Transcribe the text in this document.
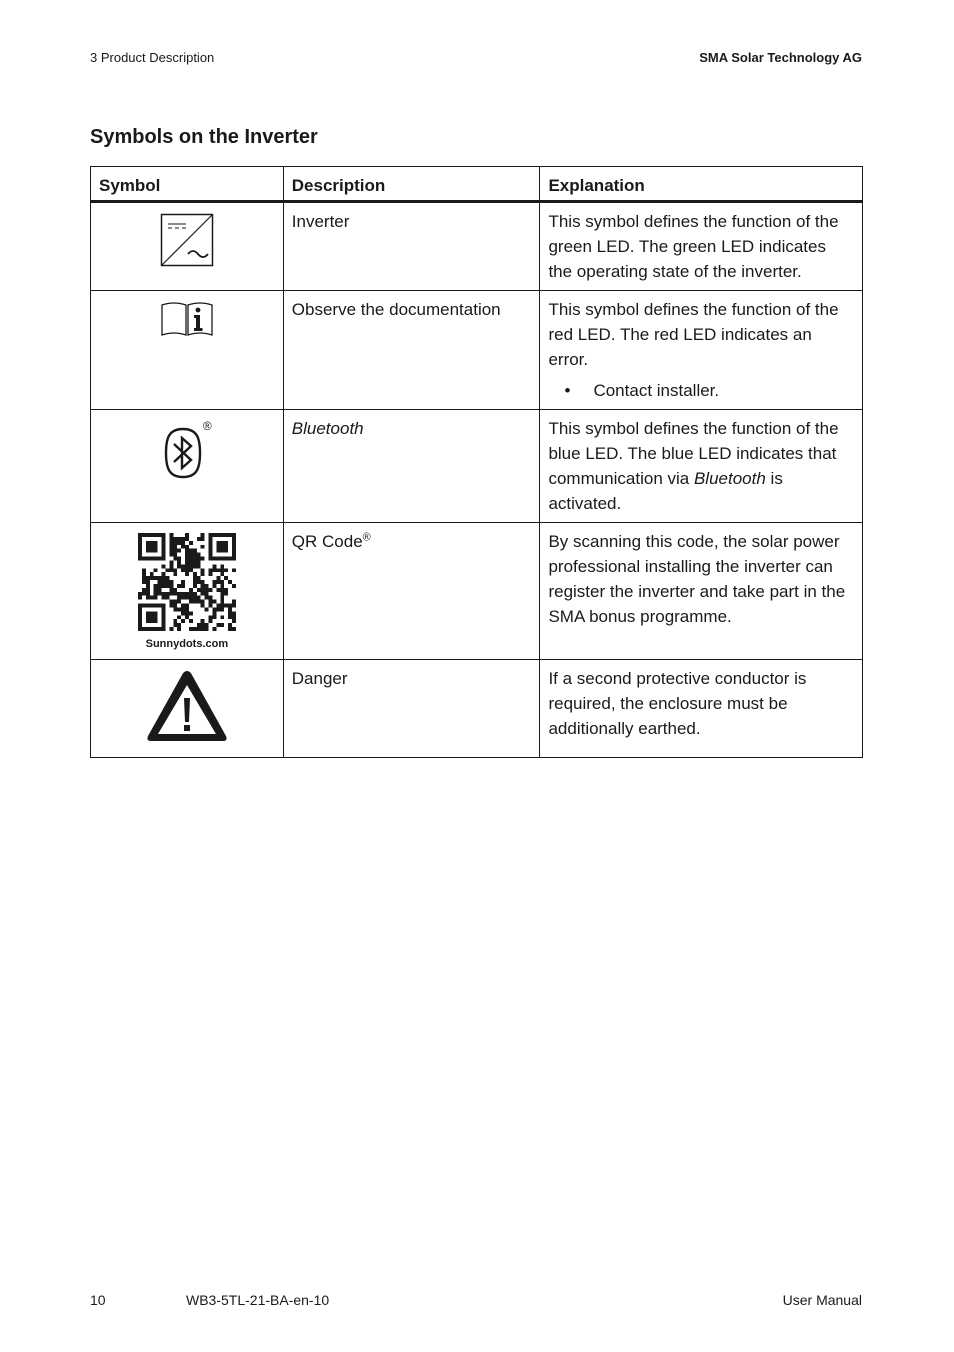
3 Product Description	SMA Solar Technology AG
Symbols on the Inverter
Symbol	Description	Explanation
	Inverter	This symbol defines the function of the green LED. The green LED indicates the operating state of the inverter.
	Observe the documentation	This symbol defines the function of the red LED. The red LED indicates an error.
• Contact installer.

®	Bluetooth	This symbol defines the function of the blue LED. The blue LED indicates that communication via Bluetooth is activated.

Sunnydots.com	QR Code®	By scanning this code, the solar power professional installing the inverter can register the inverter and take part in the SMA bonus programme.
	Danger	If a second protective conductor is required, the enclosure must be additionally earthed.
10	WB3-5TL-21-BA-en-10	User Manual
